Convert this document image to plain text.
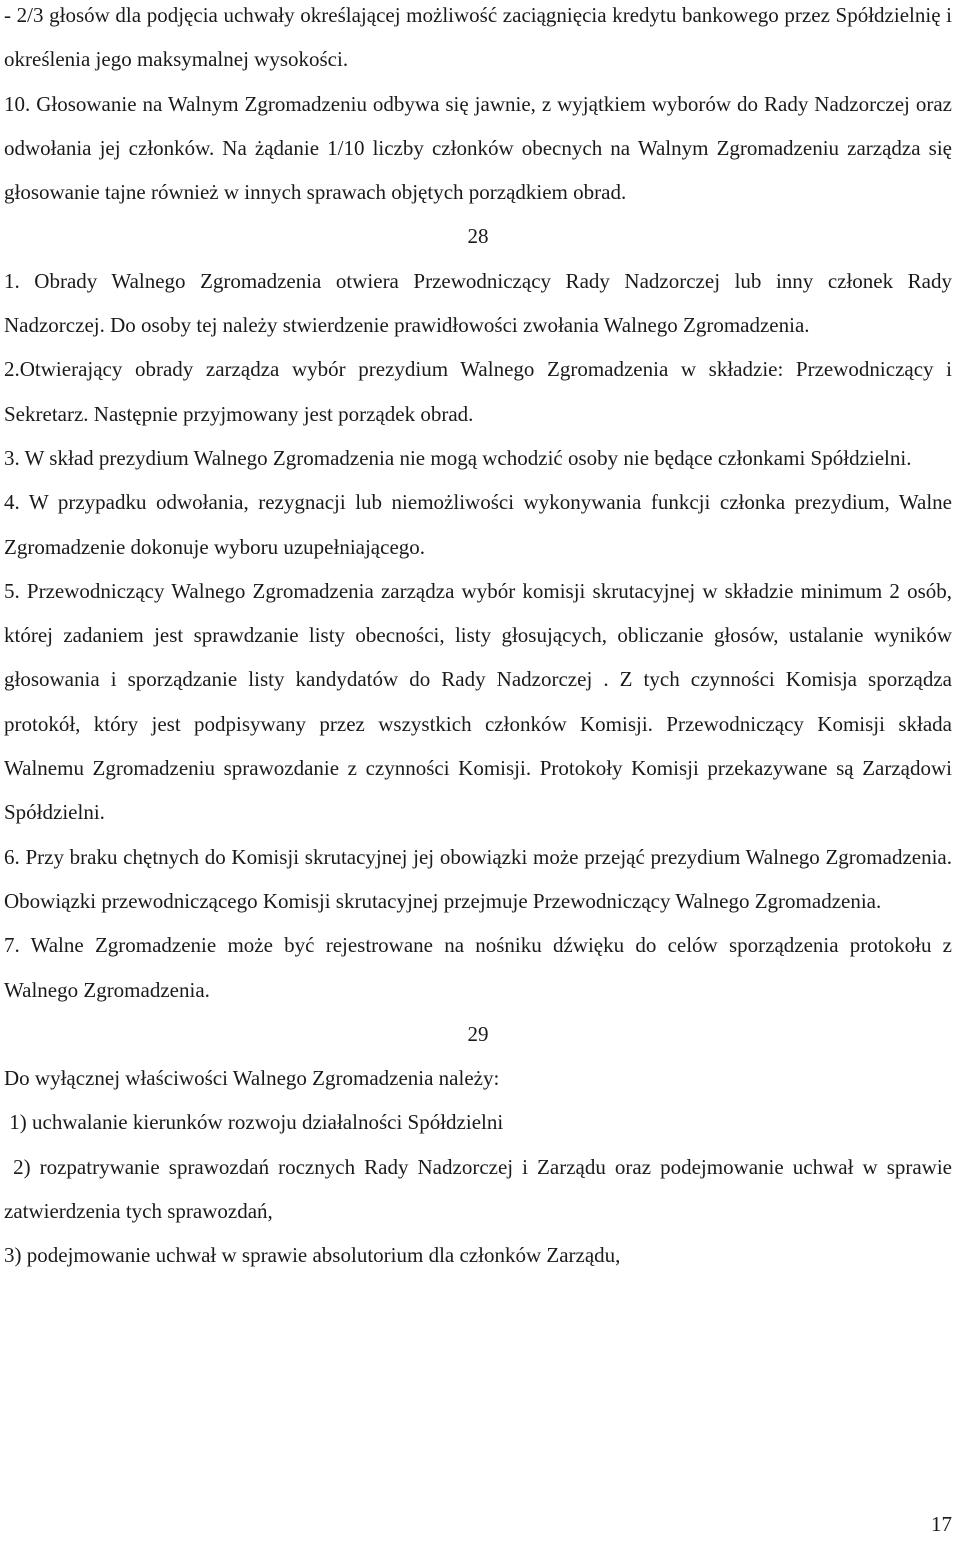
- 2/3 głosów dla podjęcia uchwały określającej możliwość zaciągnięcia kredytu bankowego przez Spółdzielnię i określenia jego maksymalnej wysokości.

10. Głosowanie na Walnym Zgromadzeniu odbywa się jawnie, z wyjątkiem wyborów do Rady Nadzorczej oraz odwołania jej członków. Na żądanie 1/10 liczby członków obecnych na Walnym Zgromadzeniu zarządza się głosowanie tajne również w innych sprawach objętych porządkiem obrad.

28

1. Obrady Walnego Zgromadzenia otwiera Przewodniczący Rady Nadzorczej lub inny członek Rady Nadzorczej. Do osoby tej należy stwierdzenie prawidłowości zwołania Walnego Zgromadzenia.

2.Otwierający obrady zarządza wybór prezydium Walnego Zgromadzenia w składzie: Przewodniczący i Sekretarz. Następnie przyjmowany jest porządek obrad.

3. W skład prezydium Walnego Zgromadzenia nie mogą wchodzić osoby nie będące członkami Spółdzielni.

4. W przypadku odwołania, rezygnacji lub niemożliwości wykonywania funkcji członka prezydium, Walne Zgromadzenie dokonuje wyboru uzupełniającego.

5. Przewodniczący Walnego Zgromadzenia zarządza wybór komisji skrutacyjnej w składzie minimum 2 osób, której zadaniem jest sprawdzanie listy obecności, listy głosujących, obliczanie głosów, ustalanie wyników głosowania i sporządzanie listy kandydatów do Rady Nadzorczej . Z tych czynności Komisja sporządza protokół, który jest podpisywany przez wszystkich członków Komisji. Przewodniczący Komisji składa Walnemu Zgromadzeniu sprawozdanie z czynności Komisji. Protokoły Komisji przekazywane są Zarządowi Spółdzielni.

6. Przy braku chętnych do Komisji skrutacyjnej jej obowiązki może przejąć prezydium Walnego Zgromadzenia. Obowiązki przewodniczącego Komisji skrutacyjnej przejmuje Przewodniczący Walnego Zgromadzenia.

7. Walne Zgromadzenie może być rejestrowane na nośniku dźwięku do celów sporządzenia protokołu z Walnego Zgromadzenia.

29

Do wyłącznej właściwości Walnego Zgromadzenia należy:

1) uchwalanie kierunków rozwoju działalności Spółdzielni

2) rozpatrywanie sprawozdań rocznych Rady Nadzorczej i Zarządu oraz podejmowanie uchwał w sprawie zatwierdzenia tych sprawozdań,

3) podejmowanie uchwał w sprawie absolutorium dla członków Zarządu,

17
